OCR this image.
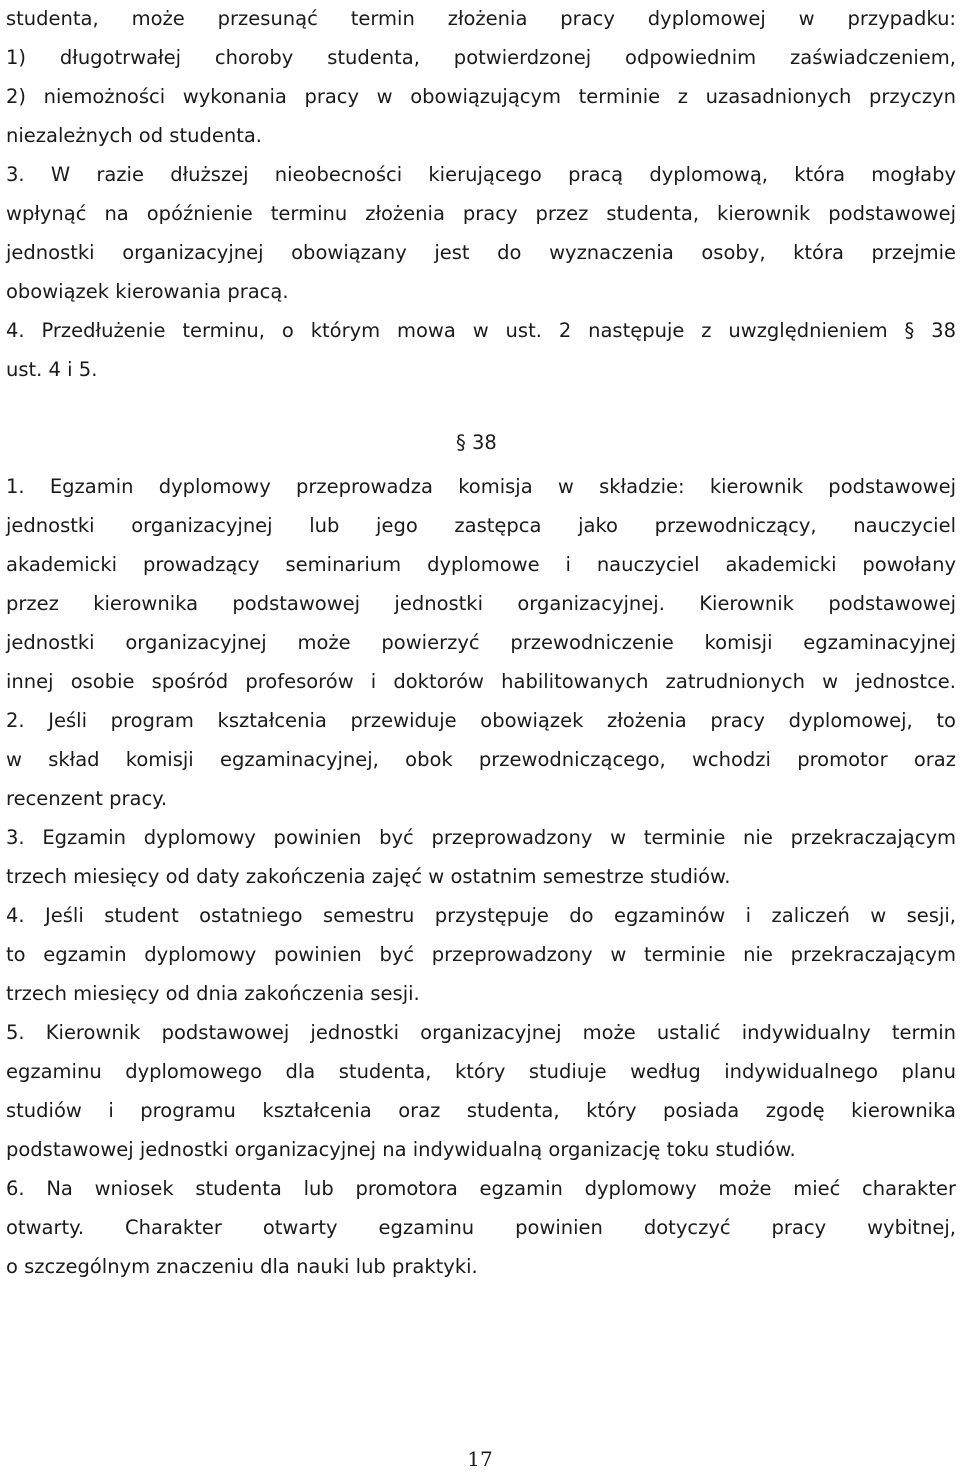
studenta, może przesunąć termin złożenia pracy dyplomowej w przypadku:
1) długotrwałej choroby studenta, potwierdzonej odpowiednim zaświadczeniem,
2) niemożności wykonania pracy w obowiązującym terminie z uzasadnionych przyczyn
niezależnych od studenta.
3. W razie dłuższej nieobecności kierującego pracą dyplomową, która mogłaby
wpłynąć na opóźnienie terminu złożenia pracy przez studenta, kierownik podstawowej
jednostki organizacyjnej obowiązany jest do wyznaczenia osoby, która przejmie
obowiązek kierowania pracą.
4. Przedłużenie terminu, o którym mowa w ust. 2 następuje z uwzględnieniem § 38
ust. 4 i 5.
§ 38
1. Egzamin dyplomowy przeprowadza komisja w składzie: kierownik podstawowej
jednostki organizacyjnej lub jego zastępca jako przewodniczący, nauczyciel
akademicki prowadzący seminarium dyplomowe i nauczyciel akademicki powołany
przez kierownika podstawowej jednostki organizacyjnej. Kierownik podstawowej
jednostki organizacyjnej może powierzyć przewodniczenie komisji egzaminacyjnej
innej osobie spośród profesorów i doktorów habilitowanych zatrudnionych w jednostce.
2. Jeśli program kształcenia przewiduje obowiązek złożenia pracy dyplomowej, to
w skład komisji egzaminacyjnej, obok przewodniczącego, wchodzi promotor oraz
recenzent pracy.
3. Egzamin dyplomowy powinien być przeprowadzony w terminie nie przekraczającym
trzech miesięcy od daty zakończenia zajęć w ostatnim semestrze studiów.
4. Jeśli student ostatniego semestru przystępuje do egzaminów i zaliczeń w sesji,
to egzamin dyplomowy powinien być przeprowadzony w terminie nie przekraczającym
trzech miesięcy od dnia zakończenia sesji.
5. Kierownik podstawowej jednostki organizacyjnej może ustalić indywidualny termin
egzaminu dyplomowego dla studenta, który studiuje według indywidualnego planu
studiów i programu kształcenia oraz studenta, który posiada zgodę kierownika
podstawowej jednostki organizacyjnej na indywidualną organizację toku studiów.
6. Na wniosek studenta lub promotora egzamin dyplomowy może mieć charakter
otwarty. Charakter otwarty egzaminu powinien dotyczyć pracy wybitnej,
o szczególnym znaczeniu dla nauki lub praktyki.
17
